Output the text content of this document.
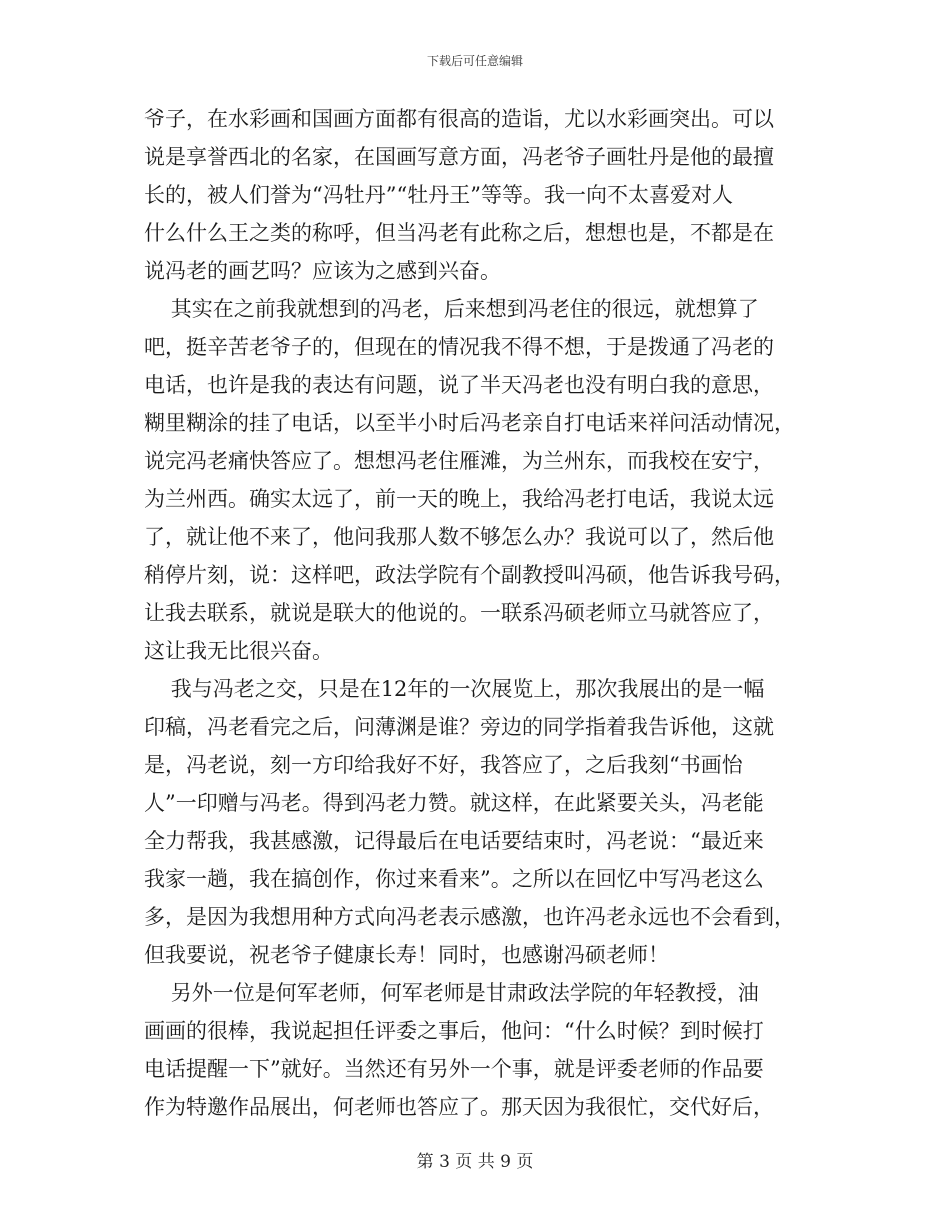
下载后可任意编辑
爷子，在水彩画和国画方面都有很高的造诣，尤以水彩画突出。可以
说是享誉西北的名家，在国画写意方面，冯老爷子画牡丹是他的最擅
长的，被人们誉为“冯牡丹”“牡丹王”等等。我一向不太喜爱对人
什么什么王之类的称呼，但当冯老有此称之后，想想也是，不都是在
说冯老的画艺吗？应该为之感到兴奋。
其实在之前我就想到的冯老，后来想到冯老住的很远，就想算了
吧，挺辛苦老爷子的，但现在的情况我不得不想，于是拨通了冯老的
电话，也许是我的表达有问题，说了半天冯老也没有明白我的意思，
糊里糊涂的挂了电话，以至半小时后冯老亲自打电话来祥问活动情况，
说完冯老痛快答应了。想想冯老住雁滩，为兰州东，而我校在安宁，
为兰州西。确实太远了，前一天的晚上，我给冯老打电话，我说太远
了，就让他不来了，他问我那人数不够怎么办？我说可以了，然后他
稍停片刻，说：这样吧，政法学院有个副教授叫冯硕，他告诉我号码，
让我去联系，就说是联大的他说的。一联系冯硕老师立马就答应了，
这让我无比很兴奋。
我与冯老之交，只是在12年的一次展览上，那次我展出的是一幅
印稿，冯老看完之后，问薄渊是谁？旁边的同学指着我告诉他，这就
是，冯老说，刻一方印给我好不好，我答应了，之后我刻“书画怡
人”一印赠与冯老。得到冯老力赞。就这样，在此紧要关头，冯老能
全力帮我，我甚感激，记得最后在电话要结束时，冯老说：“最近来
我家一趟，我在搞创作，你过来看来”。之所以在回忆中写冯老这么
多，是因为我想用种方式向冯老表示感激，也许冯老永远也不会看到，
但我要说，祝老爷子健康长寿！同时，也感谢冯硕老师！
另外一位是何军老师，何军老师是甘肃政法学院的年轻教授，油
画画的很棒，我说起担任评委之事后，他问：“什么时候？到时候打
电话提醒一下”就好。当然还有另外一个事，就是评委老师的作品要
作为特邀作品展出，何老师也答应了。那天因为我很忙，交代好后，
第 3 页 共 9 页
